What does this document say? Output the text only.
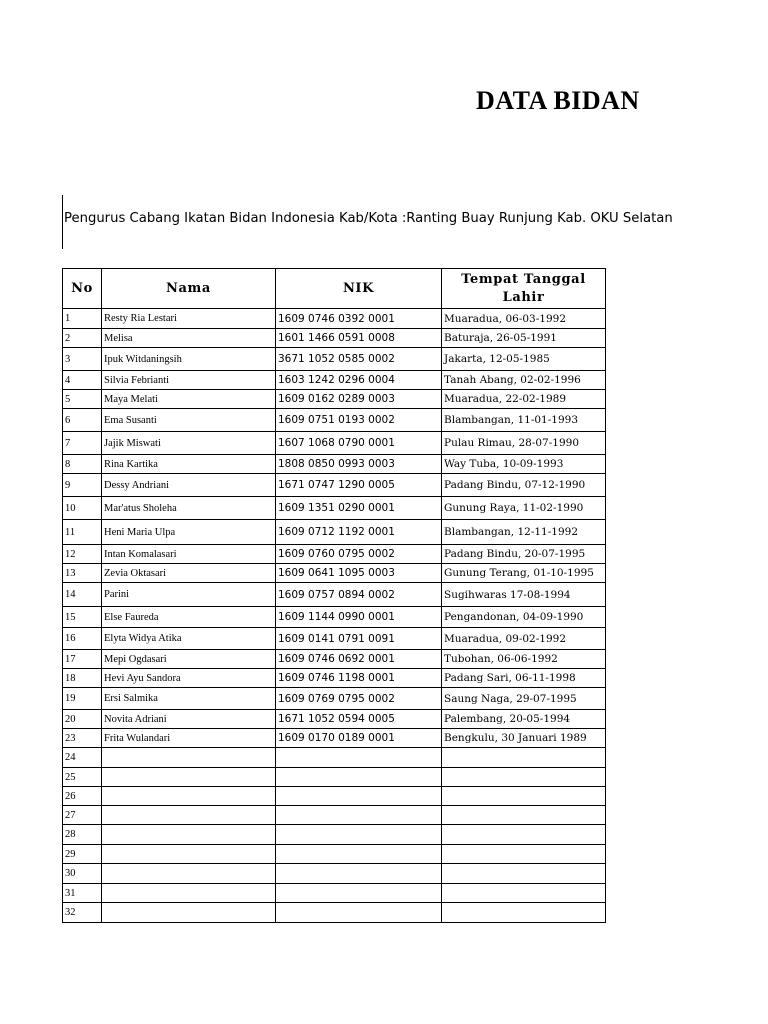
DATA BIDAN
Pengurus Cabang Ikatan Bidan Indonesia Kab/Kota :Ranting Buay Runjung Kab. OKU Selatan
No	Nama	NIK	Tempat Tanggal
Lahir

1	Resty Ria Lestari	1609 0746 0392 0001	Muaradua, 06-03-1992
2	Melisa	1601 1466 0591 0008	Baturaja, 26-05-1991
3	Ipuk Witdaningsih	3671 1052 0585 0002	Jakarta, 12-05-1985
4	Silvia Febrianti	1603 1242 0296 0004	Tanah Abang, 02-02-1996
5	Maya Melati	1609 0162 0289 0003	Muaradua, 22-02-1989
6	Ema Susanti	1609 0751 0193 0002	Blambangan, 11-01-1993
7	Jajik Miswati	1607 1068 0790 0001	Pulau Rimau, 28-07-1990
8	Rina Kartika	1808 0850 0993 0003	Way Tuba, 10-09-1993
9	Dessy Andriani	1671 0747 1290 0005	Padang Bindu, 07-12-1990
10	Mar'atus Sholeha	1609 1351 0290 0001	Gunung Raya, 11-02-1990
11	Heni Maria Ulpa	1609 0712 1192 0001	Blambangan, 12-11-1992
12	Intan Komalasari	1609 0760 0795 0002	Padang Bindu, 20-07-1995
13	Zevia Oktasari	1609 0641 1095 0003	Gunung Terang, 01-10-1995
14	Parini	1609 0757 0894 0002	Sugihwaras 17-08-1994
15	Else Faureda	1609 1144 0990 0001	Pengandonan, 04-09-1990
16	Elyta Widya Atika	1609 0141 0791 0091	Muaradua, 09-02-1992
17	Mepi Ogdasari	1609 0746 0692 0001	Tubohan, 06-06-1992
18	Hevi Ayu Sandora	1609 0746 1198 0001	Padang Sari, 06-11-1998
19	Ersi Salmika	1609 0769 0795 0002	Saung Naga, 29-07-1995
20	Novita Adriani	1671 1052 0594 0005	Palembang, 20-05-1994
23	Frita Wulandari	1609 0170 0189 0001	Bengkulu, 30 Januari 1989
24			
25			
26			
27			
28			
29			
30			
31			
32			
